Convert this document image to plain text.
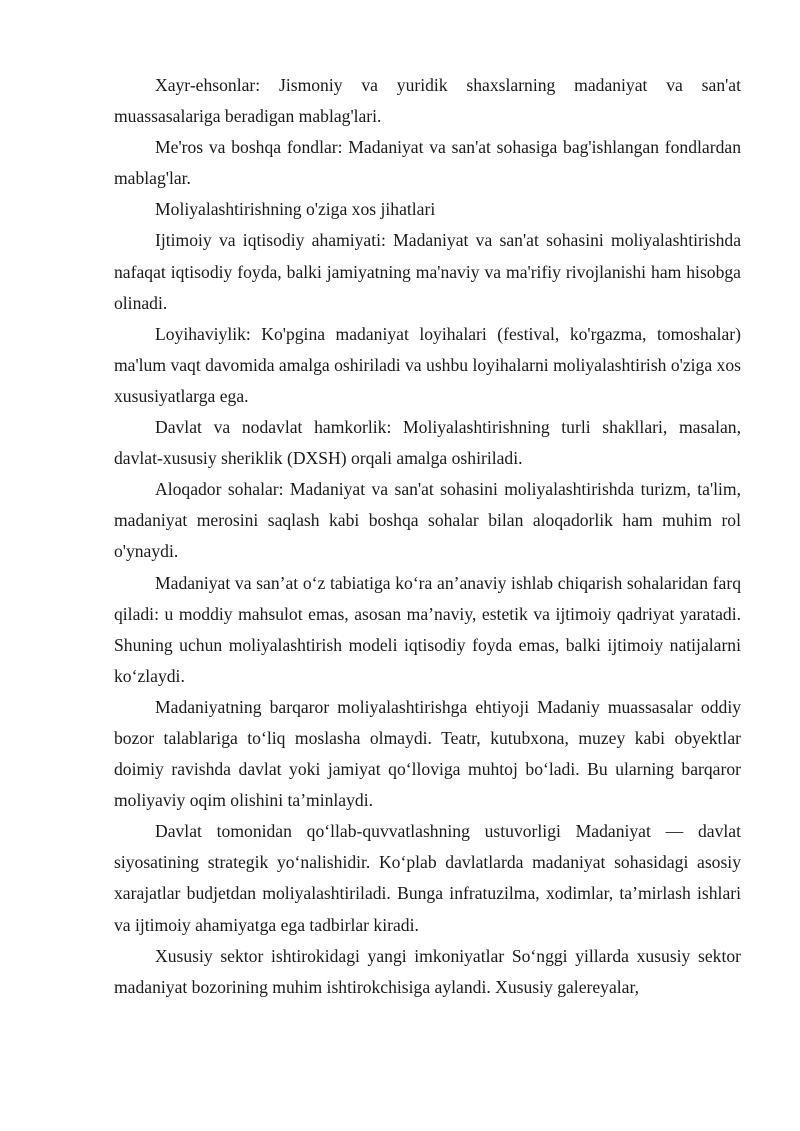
Xayr-ehsonlar: Jismoniy va yuridik shaxslarning madaniyat va san'at muassasalariga beradigan mablag'lari.

Me'ros va boshqa fondlar: Madaniyat va san'at sohasiga bag'ishlangan fondlardan mablag'lar.

Moliyalashtirishning o'ziga xos jihatlari

Ijtimoiy va iqtisodiy ahamiyati: Madaniyat va san'at sohasini moliyalashtirishda nafaqat iqtisodiy foyda, balki jamiyatning ma'naviy va ma'rifiy rivojlanishi ham hisobga olinadi.

Loyihaviylik: Ko'pgina madaniyat loyihalari (festival, ko'rgazma, tomoshalar) ma'lum vaqt davomida amalga oshiriladi va ushbu loyihalarni moliyalashtirish o'ziga xos xususiyatlarga ega.

Davlat va nodavlat hamkorlik: Moliyalashtirishning turli shakllari, masalan, davlat-xususiy sheriklik (DXSH) orqali amalga oshiriladi.

Aloqador sohalar: Madaniyat va san'at sohasini moliyalashtirishda turizm, ta'lim, madaniyat merosini saqlash kabi boshqa sohalar bilan aloqadorlik ham muhim rol o'ynaydi.

Madaniyat va san’at o‘z tabiatiga ko‘ra an’anaviy ishlab chiqarish sohalaridan farq qiladi: u moddiy mahsulot emas, asosan ma’naviy, estetik va ijtimoiy qadriyat yaratadi. Shuning uchun moliyalashtirish modeli iqtisodiy foyda emas, balki ijtimoiy natijalarni ko‘zlaydi.

Madaniyatning barqaror moliyalashtirishga ehtiyoji Madaniy muassasalar oddiy bozor talablariga to‘liq moslasha olmaydi. Teatr, kutubxona, muzey kabi obyektlar doimiy ravishda davlat yoki jamiyat qo‘lloviga muhtoj bo‘ladi. Bu ularning barqaror moliyaviy oqim olishini ta’minlaydi.

Davlat tomonidan qo‘llab-quvvatlashning ustuvorligi Madaniyat — davlat siyosatining strategik yo‘nalishidir. Ko‘plab davlatlarda madaniyat sohasidagi asosiy xarajatlar budjetdan moliyalashtiriladi. Bunga infratuzilma, xodimlar, ta’mirlash ishlari va ijtimoiy ahamiyatga ega tadbirlar kiradi.

Xususiy sektor ishtirokidagi yangi imkoniyatlar So‘nggi yillarda xususiy sektor madaniyat bozorining muhim ishtirokchisiga aylandi. Xususiy galereyalar,
